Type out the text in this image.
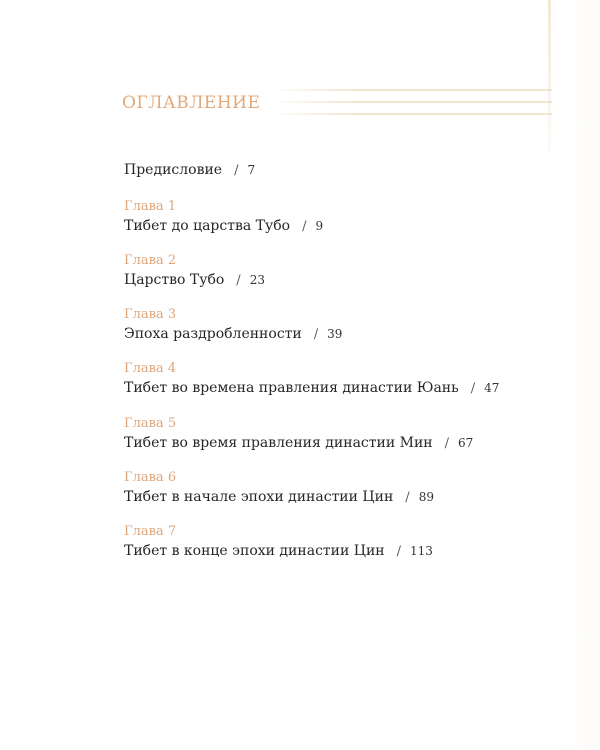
ОГЛАВЛЕНИЕ
Предисловие / 7
Глава 1
Тибет до царства Тубо / 9
Глава 2
Царство Тубо / 23
Глава 3
Эпоха раздробленности / 39
Глава 4
Тибет во времена правления династии Юань / 47
Глава 5
Тибет во время правления династии Мин / 67
Глава 6
Тибет в начале эпохи династии Цин / 89
Глава 7
Тибет в конце эпохи династии Цин / 113
